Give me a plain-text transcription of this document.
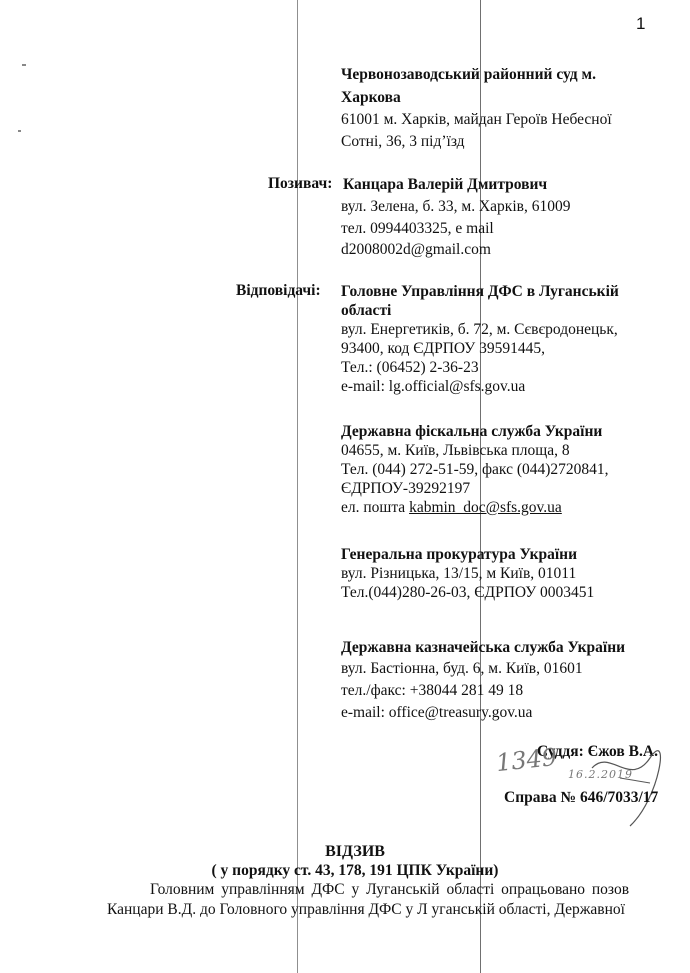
1
Червонозаводський районний суд м.
Харкова
61001 м. Харків, майдан Героїв Небесної
Сотні, 36, 3 під’їзд
Позивач: Канцара Валерій Дмитрович
вул. Зелена, б. 33, м. Харків, 61009
тел. 0994403325, e mail
d2008002d@gmail.com
Відповідачі: Головне Управління ДФС в Луганській
області
вул. Енергетиків, б. 72, м. Сєвєродонецьк,
93400, код ЄДРПОУ 39591445,
Тел.: (06452) 2-36-23
e-mail: lg.official@sfs.gov.ua
Державна фіскальна служба України
04655, м. Київ, Львівська площа, 8
Тел. (044) 272-51-59, факс (044)2720841,
ЄДРПОУ-39292197
ел. пошта kabmin_doc@sfs.gov.ua
Генеральна прокуратура України
вул. Різницька, 13/15, м Київ, 01011
Тел.(044)280-26-03, ЄДРПОУ 0003451
Державна казначейська служба України
вул. Бастіонна, буд. 6, м. Київ, 01601
тел./факс: +38044 281 49 18
e-mail: office@treasury.gov.ua
Суддя: Єжов В.А.
1349 16.2.2019
Справа № 646/7033/17
ВІДЗИВ
( у порядку ст. 43, 178, 191 ЦПК України)
Головним управлінням ДФС у Луганській області опрацьовано позов
Канцари В.Д. до Головного управління ДФС у Л уганській області, Державної
